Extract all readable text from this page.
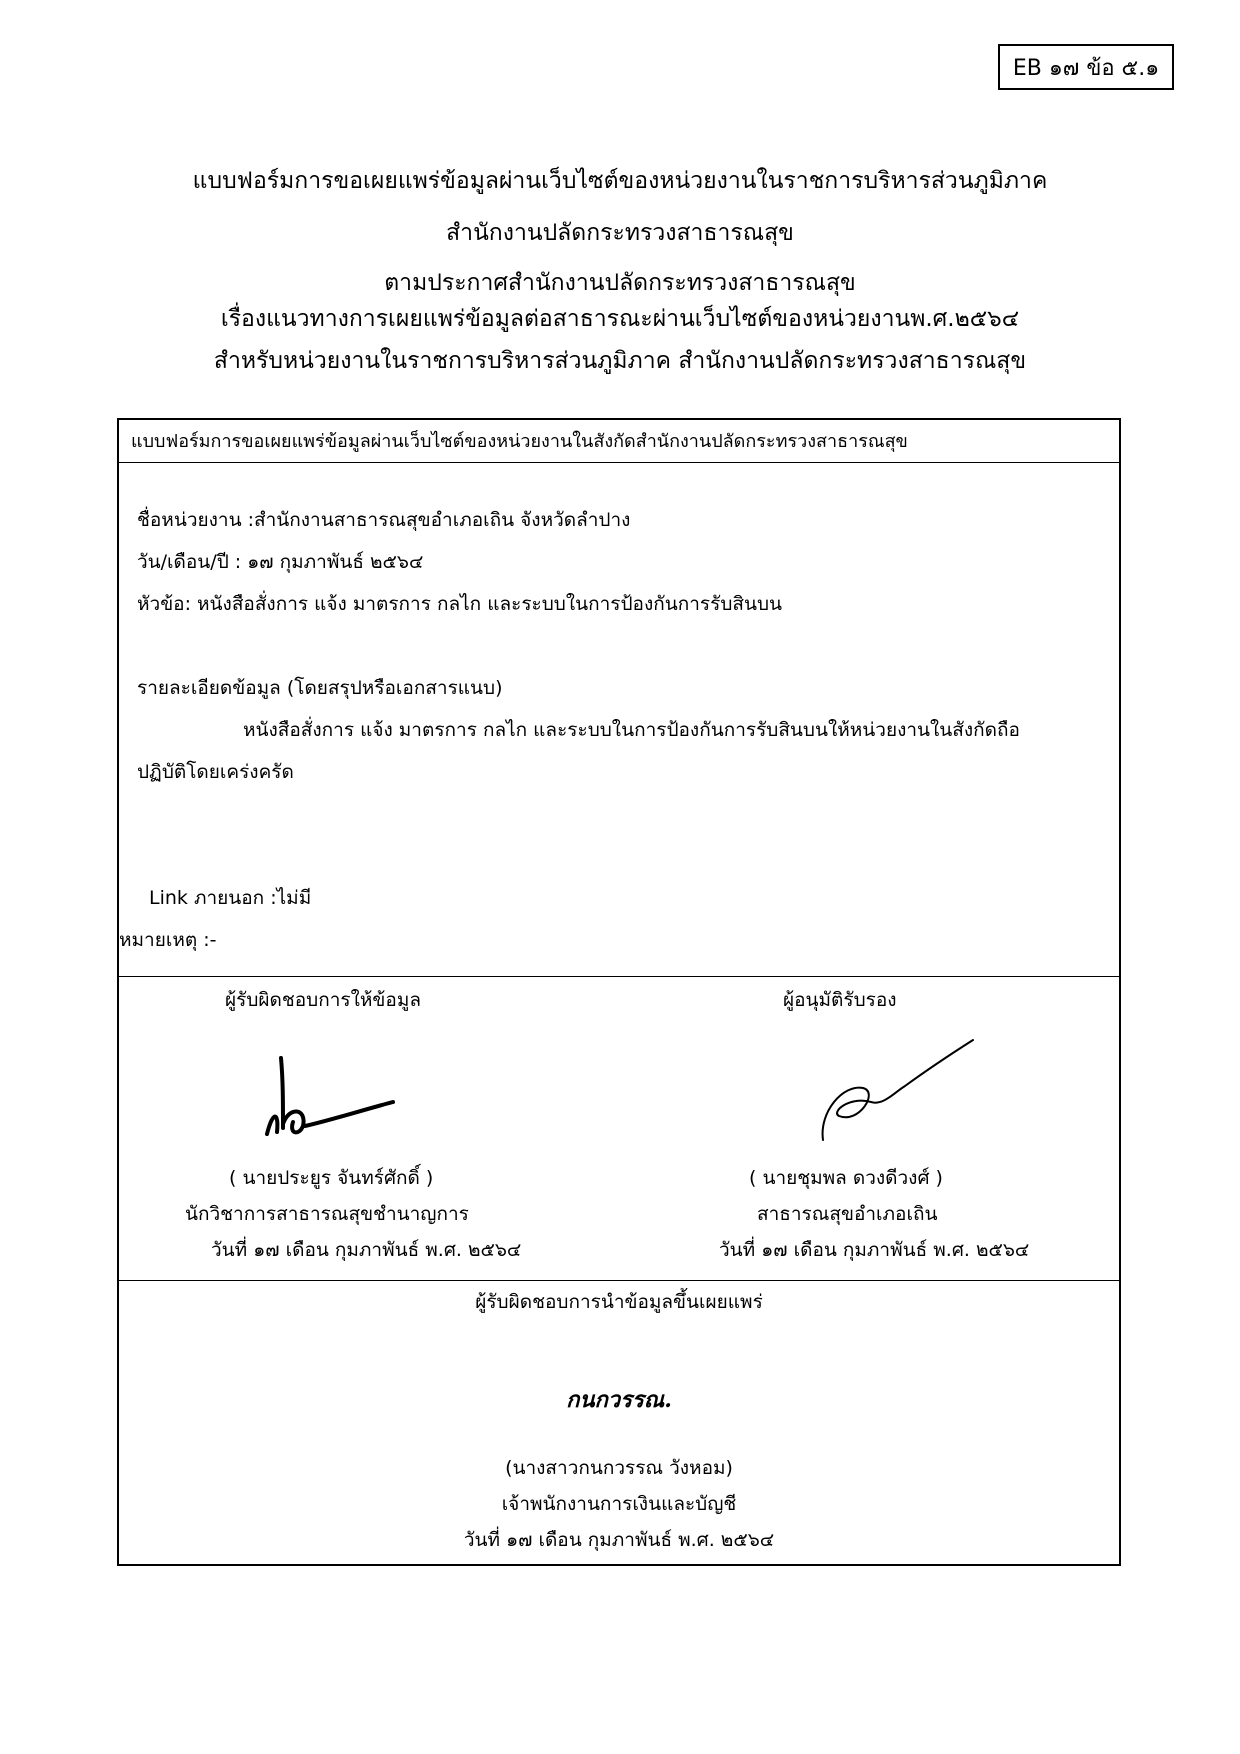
EB ๑๗ ข้อ ๕.๑
แบบฟอร์มการขอเผยแพร่ข้อมูลผ่านเว็บไซต์ของหน่วยงานในราชการบริหารส่วนภูมิภาค
สำนักงานปลัดกระทรวงสาธารณสุข
ตามประกาศสำนักงานปลัดกระทรวงสาธารณสุข
เรื่องแนวทางการเผยแพร่ข้อมูลต่อสาธารณะผ่านเว็บไซต์ของหน่วยงานพ.ศ.๒๕๖๔
สำหรับหน่วยงานในราชการบริหารส่วนภูมิภาค สำนักงานปลัดกระทรวงสาธารณสุข
แบบฟอร์มการขอเผยแพร่ข้อมูลผ่านเว็บไซต์ของหน่วยงานในสังกัดสำนักงานปลัดกระทรวงสาธารณสุข
ชื่อหน่วยงาน :สำนักงานสาธารณสุขอำเภอเถิน จังหวัดลำปาง
วัน/เดือน/ปี : ๑๗ กุมภาพันธ์ ๒๕๖๔
หัวข้อ: หนังสือสั่งการ แจ้ง มาตรการ กลไก และระบบในการป้องกันการรับสินบน
รายละเอียดข้อมูล (โดยสรุปหรือเอกสารแนบ)
หนังสือสั่งการ แจ้ง มาตรการ กลไก และระบบในการป้องกันการรับสินบนให้หน่วยงานในสังกัดถือ
ปฏิบัติโดยเคร่งครัด
Link ภายนอก :ไม่มี
หมายเหตุ :-
ผู้รับผิดชอบการให้ข้อมูล
( นายประยูร จันทร์ศักดิ์ )
นักวิชาการสาธารณสุขชำนาญการ
วันที่ ๑๗ เดือน กุมภาพันธ์ พ.ศ. ๒๕๖๔
ผู้อนุมัติรับรอง
( นายชุมพล ดวงดีวงศ์ )
สาธารณสุขอำเภอเถิน
วันที่ ๑๗ เดือน กุมภาพันธ์ พ.ศ. ๒๕๖๔
ผู้รับผิดชอบการนำข้อมูลขึ้นเผยแพร่
กนกวรรณ.
(นางสาวกนกวรรณ วังหอม)
เจ้าพนักงานการเงินและบัญชี
วันที่ ๑๗ เดือน กุมภาพันธ์ พ.ศ. ๒๕๖๔
